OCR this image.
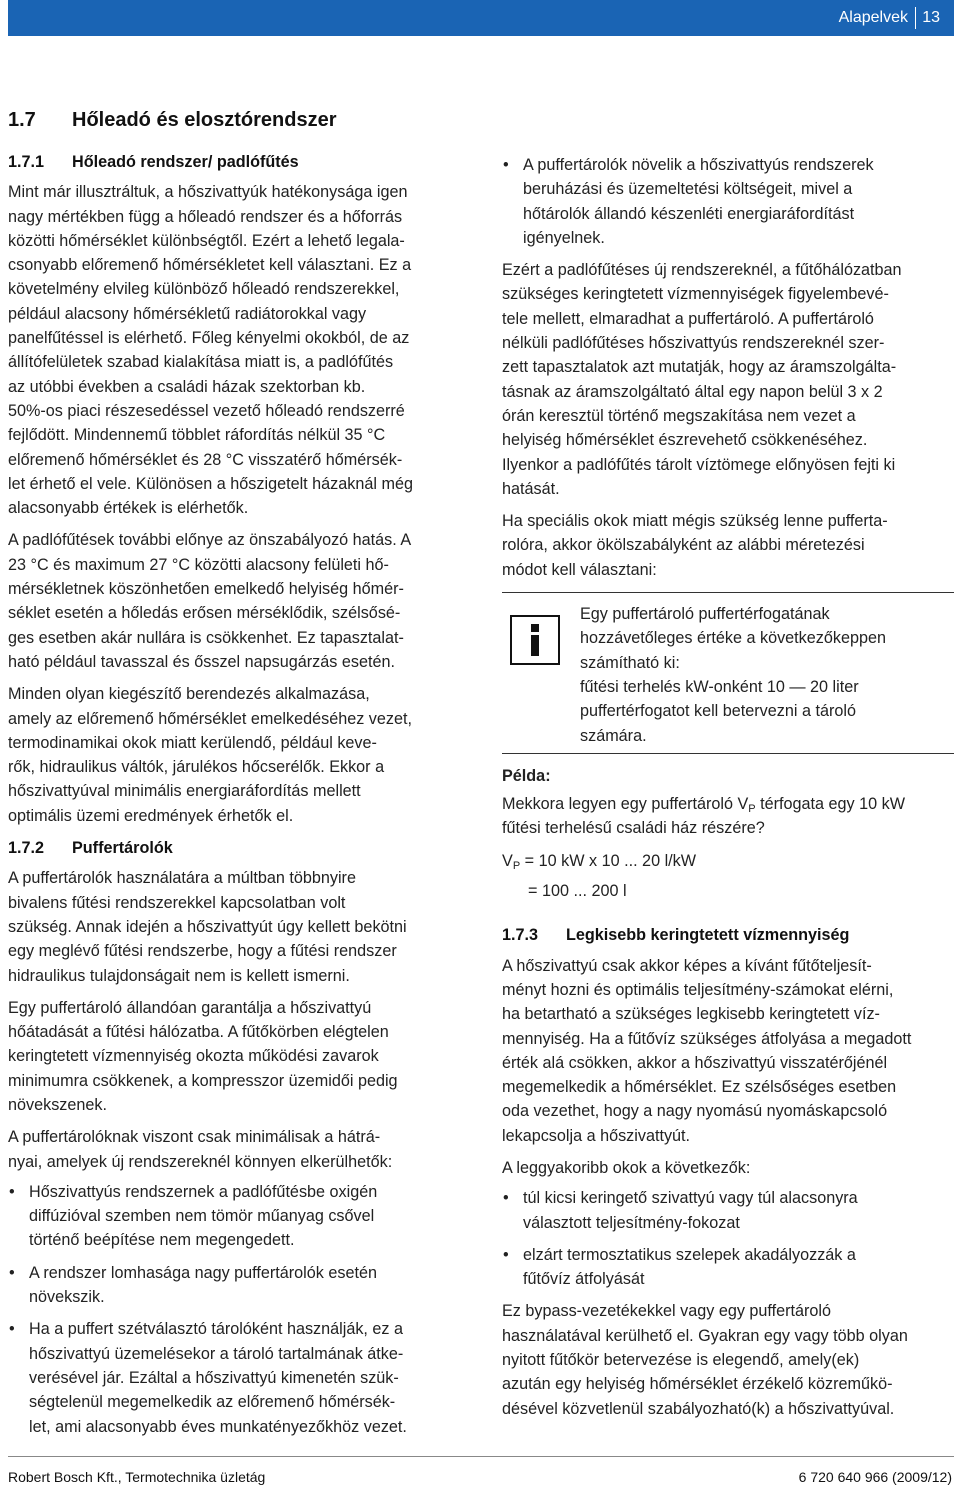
Alapelvek 13
1.7 Hőleadó és elosztórendszer
1.7.1 Hőleadó rendszer/ padlófűtés

Mint már illusztráltuk, a hőszivattyúk hatékonysága igen
nagy mértékben függ a hőleadó rendszer és a hőforrás
közötti hőmérséklet különbségtől. Ezért a lehető legala-
csonyabb előremenő hőmérsékletet kell választani. Ez a
követelmény elvileg különböző hőleadó rendszerekkel,
például alacsony hőmérsékletű radiátorokkal vagy
panelfűtéssel is elérhető. Főleg kényelmi okokból, de az
állítófelületek szabad kialakítása miatt is, a padlófűtés
az utóbbi években a családi házak szektorban kb.
50%-os piaci részesedéssel vezető hőleadó rendszerré
fejlődött. Mindennemű többlet ráfordítás nélkül 35 °C
előremenő hőmérséklet és 28 °C visszatérő hőmérsék-
let érhető el vele. Különösen a hőszigetelt házaknál még
alacsonyabb értékek is elérhetők.

A padlófűtések további előnye az önszabályozó hatás. A
23 °C és maximum 27 °C közötti alacsony felületi hő-
mérsékletnek köszönhetően emelkedő helyiség hőmér-
séklet esetén a hőledás erősen mérséklődik, szélsősé-
ges esetben akár nullára is csökkenhet. Ez tapasztalat-
ható például tavasszal és ősszel napsugárzás esetén.

Minden olyan kiegészítő berendezés alkalmazása,
amely az előremenő hőmérséklet emelkedéséhez vezet,
termodinamikai okok miatt kerülendő, például keve-
rők, hidraulikus váltók, járulékos hőcserélők. Ekkor a
hőszivattyúval minimális energiaráfordítás mellett
optimális üzemi eredmények érhetők el.

1.7.2 Puffertárolók

A puffertárolók használatára a múltban többnyire
bivalens fűtési rendszerekkel kapcsolatban volt
szükség. Annak idején a hőszivattyút úgy kellett bekötni
egy meglévő fűtési rendszerbe, hogy a fűtési rendszer
hidraulikus tulajdonságait nem is kellett ismerni.

Egy puffertároló állandóan garantálja a hőszivattyú
hőátadását a fűtési hálózatba. A fűtőkörben elégtelen
keringtetett vízmennyiség okozta működési zavarok
minimumra csökkenek, a kompresszor üzemidői pedig
növekszenek.

A puffertárolóknak viszont csak minimálisak a hátrá-
nyai, amelyek új rendszereknél könnyen elkerülhetők:

• Hőszivattyús rendszernek a padlófűtésbe oxigén
diffúzióval szemben nem tömör műanyag csővel
történő beépítése nem megengedett.
• A rendszer lomhasága nagy puffertárolók esetén
növekszik.
• Ha a puffert szétválasztó tárolóként használják, ez a
hőszivattyú üzemelésekor a tároló tartalmának átke-
verésével jár. Ezáltal a hőszivattyú kimenetén szük-
ségtelenül megemelkedik az előremenő hőmérsék-
let, ami alacsonyabb éves munkatényezőkhöz vezet.
• A puffertárolók növelik a hőszivattyús rendszerek
beruházási és üzemeltetési költségeit, mivel a
hőtárolók állandó készenléti energiaráfordítást
igényelnek.

Ezért a padlófűtéses új rendszereknél, a fűtőhálózatban
szükséges keringtetett vízmennyiségek figyelembevé-
tele mellett, elmaradhat a puffertároló. A puffertároló
nélküli padlófűtéses hőszivattyús rendszereknél szer-
zett tapasztalatok azt mutatják, hogy az áramszolgálta-
tásnak az áramszolgáltató által egy napon belül 3 x 2
órán keresztül történő megszakítása nem vezet a
helyiség hőmérséklet észrevehető csökkenéséhez.
Ilyenkor a padlófűtés tárolt víztömege előnyösen fejti ki
hatását.

Ha speciális okok miatt mégis szükség lenne pufferta-
rolóra, akkor ökölszabályként az alábbi méretezési
módot kell választani:

Egy puffertároló puffertérfogatának
hozzávetőleges értéke a következőkeppen
számítható ki:
fűtési terhelés kW-onként 10 — 20 liter
puffertérfogatot kell betervezni a tároló
számára.
Példa:

Mekkora legyen egy puffertároló $V_P$ térfogata egy 10 kW
fűtési terhelésű családi ház részére?

$V_P = 10$ kW x 10 ... 20 l/kW
= 100 ... 200 l
1.7.3 Legkisebb keringtetett vízmennyiség

A hőszivattyú csak akkor képes a kívánt fűtőteljesít-
ményt hozni és optimális teljesítmény-számokat elérni,
ha betartható a szükséges legkisebb keringtetett víz-
mennyiség. Ha a fűtővíz szükséges átfolyása a megadott
érték alá csökken, akkor a hőszivattyú visszatérőjénél
megemelkedik a hőmérséklet. Ez szélsőséges esetben
oda vezethet, hogy a nagy nyomású nyomáskapcsoló
lekapcsolja a hőszivattyút.

A leggyakoribb okok a következők:

• túl kicsi keringető szivattyú vagy túl alacsonyra
választott teljesítmény-fokozat
• elzárt termosztatikus szelepek akadályozzák a
fűtővíz átfolyását

Ez bypass-vezetékekkel vagy egy puffertároló
használatával kerülhető el. Gyakran egy vagy több olyan
nyitott fűtőkör betervezése is elegendő, amely(ek)
azután egy helyiség hőmérséklet érzékelő közreműkö-
désével közvetlenül szabályozható(k) a hőszivattyúval.

Robert Bosch Kft., Termotechnika üzletág	6 720 640 966 (2009/12)
